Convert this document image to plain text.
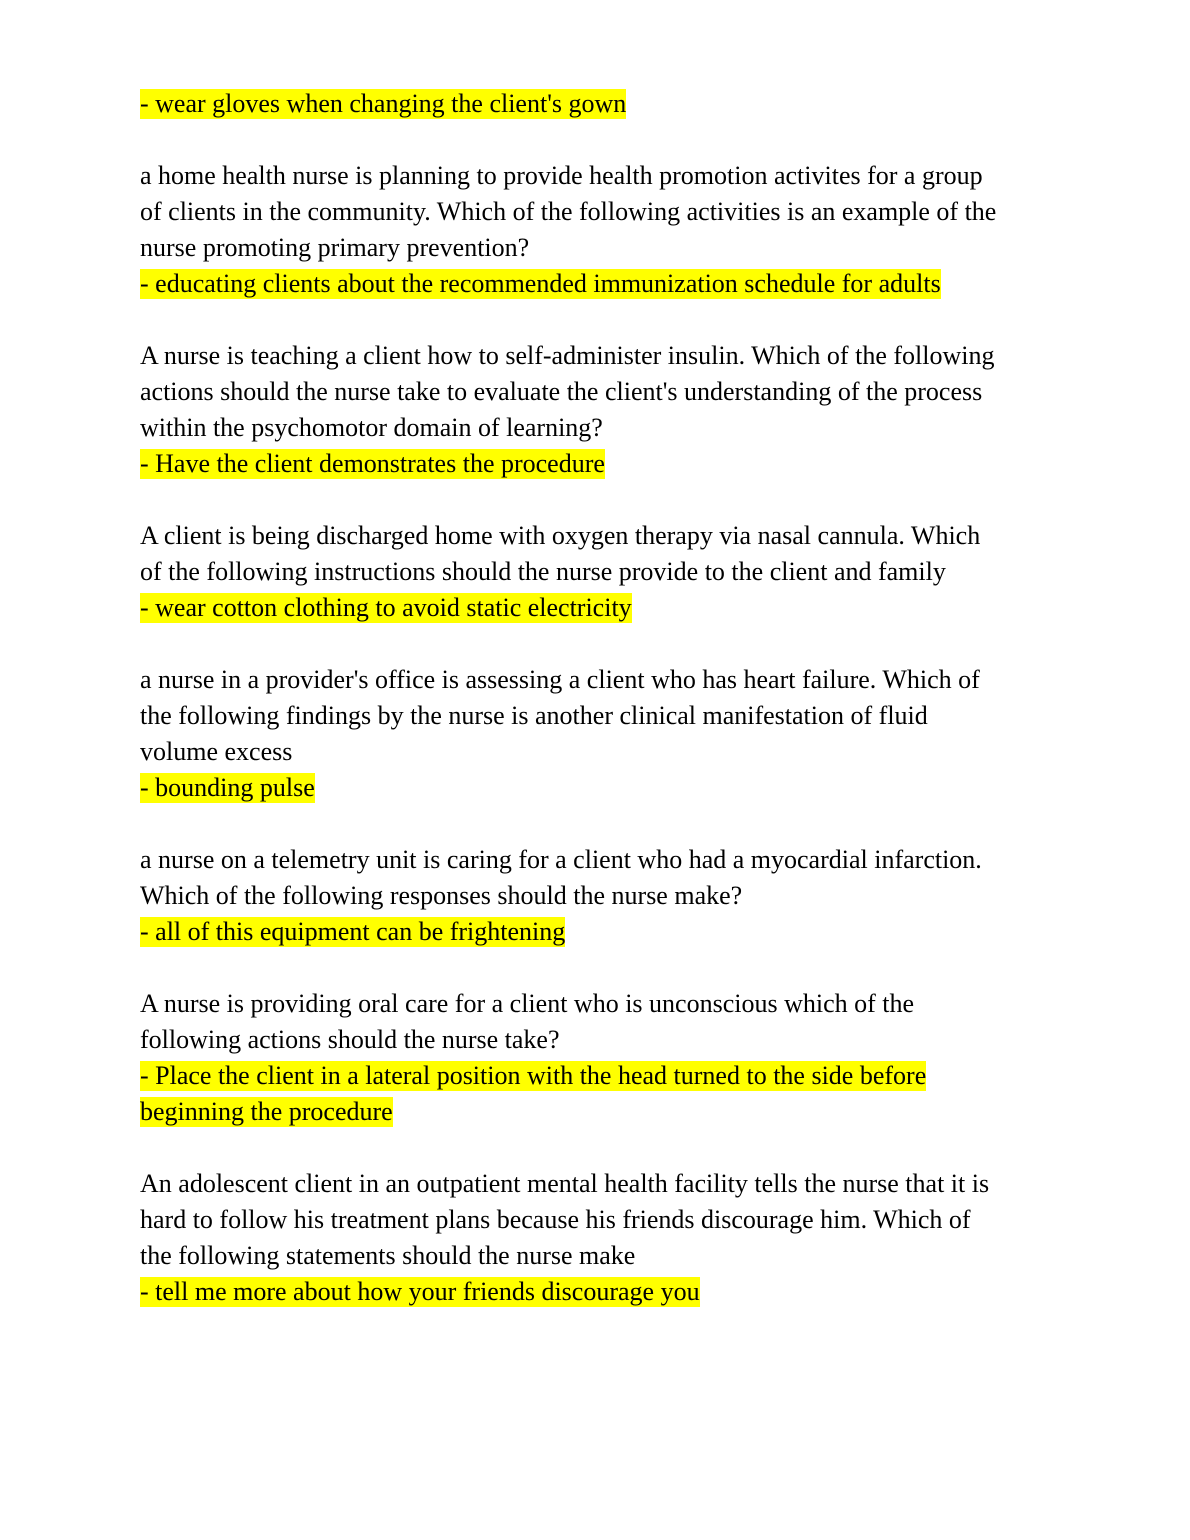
- wear gloves when changing the client's gown
a home health nurse is planning to provide health promotion activites for a group
of clients in the community. Which of the following activities is an example of the
nurse promoting primary prevention?
- educating clients about the recommended immunization schedule for adults
A nurse is teaching a client how to self-administer insulin. Which of the following
actions should the nurse take to evaluate the client's understanding of the process
within the psychomotor domain of learning?
- Have the client demonstrates the procedure
A client is being discharged home with oxygen therapy via nasal cannula. Which
of the following instructions should the nurse provide to the client and family
- wear cotton clothing to avoid static electricity
a nurse in a provider's office is assessing a client who has heart failure. Which of
the following findings by the nurse is another clinical manifestation of fluid
volume excess
- bounding pulse
a nurse on a telemetry unit is caring for a client who had a myocardial infarction.
Which of the following responses should the nurse make?
- all of this equipment can be frightening
A nurse is providing oral care for a client who is unconscious which of the
following actions should the nurse take?
- Place the client in a lateral position with the head turned to the side before
beginning the procedure
An adolescent client in an outpatient mental health facility tells the nurse that it is
hard to follow his treatment plans because his friends discourage him. Which of
the following statements should the nurse make
- tell me more about how your friends discourage you
